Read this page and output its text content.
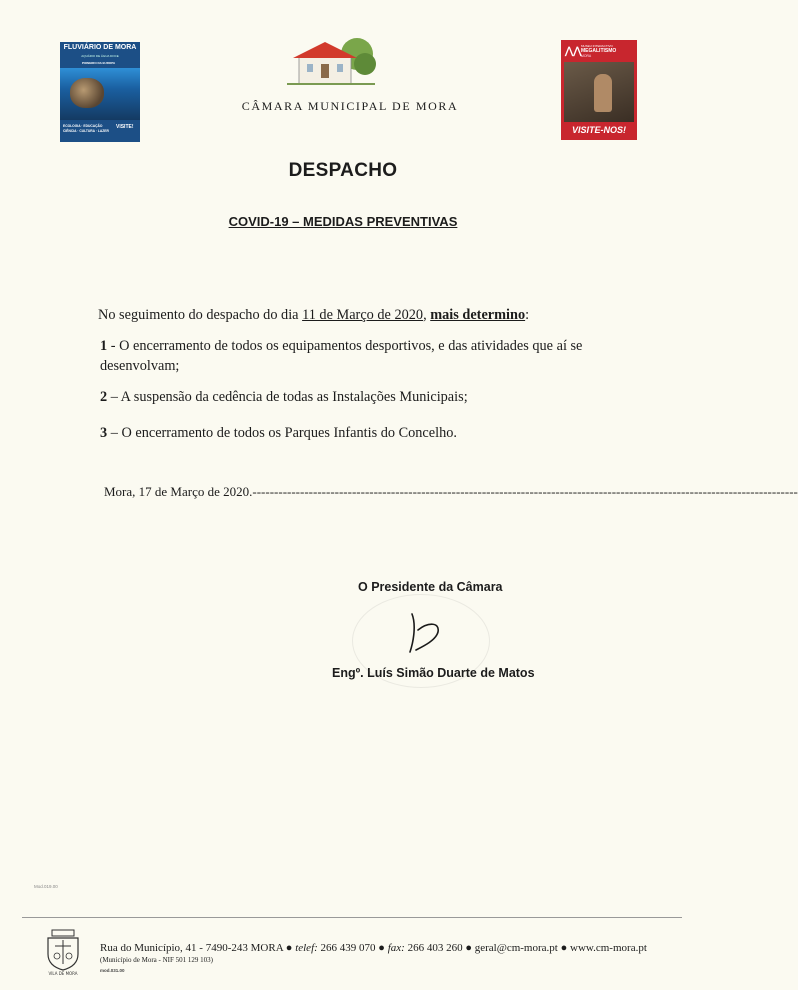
FLUVIÁRIO DE MORA
AQUÁRIO DE ÁGUA DOCE
PIONEIRO DA EUROPA
ECOLOGIA · EDUCAÇÃO CIÊNCIA · CULTURA · LAZER
VISITE!
CÂMARA MUNICIPAL DE MORA
⋀⋀ MUSEU INTERACTIVO
MEGALITISMO
MORA
VISITE-NOS!
DESPACHO
COVID-19 – MEDIDAS PREVENTIVAS
No seguimento do despacho do dia 11 de Março de 2020, mais determino:
1 - O encerramento de todos os equipamentos desportivos, e das atividades que aí se desenvolvam;
2 – A suspensão da cedência de todas as Instalações Municipais;
3 – O encerramento de todos os Parques Infantis do Concelho.
Mora, 17 de Março de 2020.------------------------------------------------------------------------------------------------------------------------------
O Presidente da Câmara
Engº. Luís Simão Duarte de Matos
Mod.019.00
VILA DE MORA
Rua do Município, 41 - 7490-243 MORA ● telef: 266 439 070 ● fax: 266 403 260 ● geral@cm-mora.pt ● www.cm-mora.pt
(Município de Mora - NIF 501 129 103)
mod.031.00
